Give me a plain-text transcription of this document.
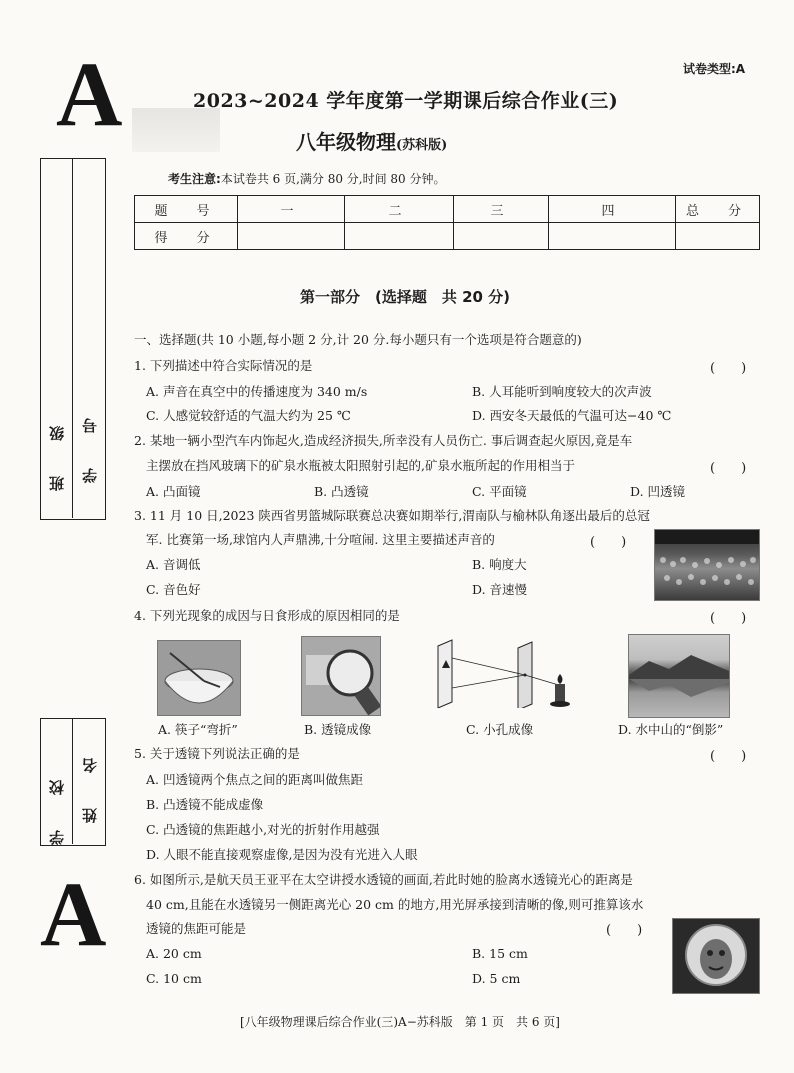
试卷类型:A
A
A
2023~2024 学年度第一学期课后综合作业(三)
八年级物理(苏科版)
考生注意:本试卷共 6 页,满分 80 分,时间 80 分钟。
题　号	一	二	三	四	总　分
得　分					
班　级 学　号
学　校 姓　名
第一部分　(选择题　共 20 分)
一、选择题(共 10 小题,每小题 2 分,计 20 分.每小题只有一个选项是符合题意的)
1. 下列描述中符合实际情况的是	(　　)
A. 声音在真空中的传播速度为 340 m/s	B. 人耳能听到响度较大的次声波
C. 人感觉较舒适的气温大约为 25 ℃	D. 西安冬天最低的气温可达−40 ℃
2. 某地一辆小型汽车内饰起火,造成经济损失,所幸没有人员伤亡. 事后调查起火原因,竟是车
主摆放在挡风玻璃下的矿泉水瓶被太阳照射引起的,矿泉水瓶所起的作用相当于	(　　)
A. 凸面镜	B. 凸透镜	C. 平面镜	D. 凹透镜
3. 11 月 10 日,2023 陕西省男篮城际联赛总决赛如期举行,渭南队与榆林队角逐出最后的总冠
军. 比赛第一场,球馆内人声鼎沸,十分喧闹. 这里主要描述声音的	(　　)
A. 音调低	B. 响度大
C. 音色好	D. 音速慢
4. 下列光现象的成因与日食形成的原因相同的是	(　　)
A. 筷子“弯折”	B. 透镜成像	C. 小孔成像	D. 水中山的“倒影”
5. 关于透镜下列说法正确的是	(　　)
A. 凹透镜两个焦点之间的距离叫做焦距
B. 凸透镜不能成虚像
C. 凸透镜的焦距越小,对光的折射作用越强
D. 人眼不能直接观察虚像,是因为没有光进入人眼
6. 如图所示,是航天员王亚平在太空讲授水透镜的画面,若此时她的脸离水透镜光心的距离是
40 cm,且能在水透镜另一侧距离光心 20 cm 的地方,用光屏承接到清晰的像,则可推算该水
透镜的焦距可能是	(　　)
A. 20 cm	B. 15 cm
C. 10 cm	D. 5 cm
[八年级物理课后综合作业(三)A−苏科版　第 1 页　共 6 页]
